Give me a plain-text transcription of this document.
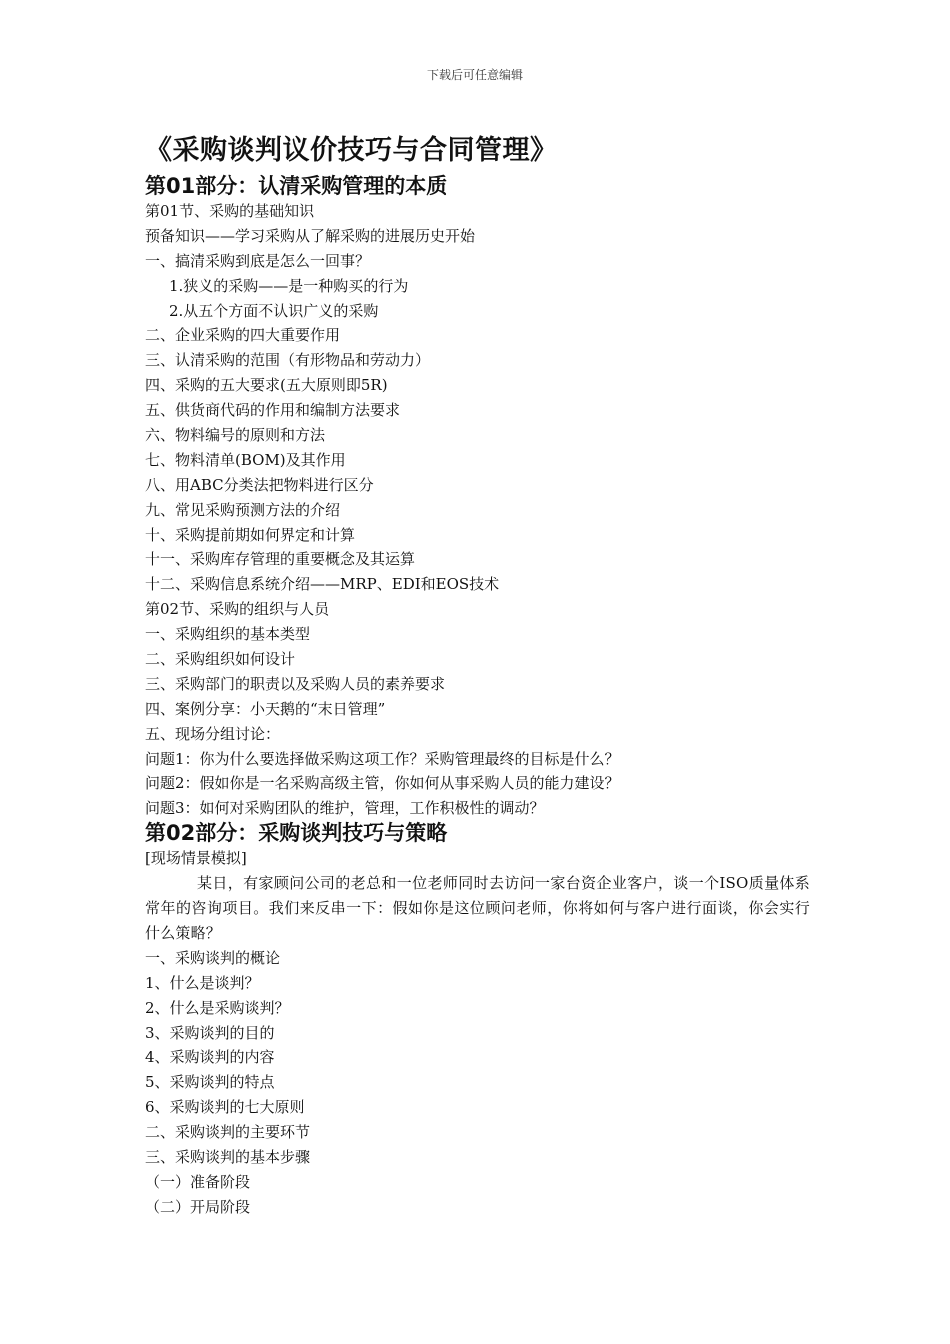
下载后可任意编辑
《采购谈判议价技巧与合同管理》
第01部分：认清采购管理的本质
第01节、采购的基础知识
预备知识——学习采购从了解采购的进展历史开始
一、搞清采购到底是怎么一回事？
1.狭义的采购——是一种购买的行为
2.从五个方面不认识广义的采购
二、企业采购的四大重要作用
三、认清采购的范围（有形物品和劳动力）
四、采购的五大要求(五大原则即5R)
五、供货商代码的作用和编制方法要求
六、物料编号的原则和方法
七、物料清单(BOM)及其作用
八、用ABC分类法把物料进行区分
九、常见采购预测方法的介绍
十、采购提前期如何界定和计算
十一、采购库存管理的重要概念及其运算
十二、采购信息系统介绍——MRP、EDI和EOS技术
第02节、采购的组织与人员
一、采购组织的基本类型
二、采购组织如何设计
三、采购部门的职责以及采购人员的素养要求
四、案例分享：小天鹅的“末日管理”
五、现场分组讨论：
问题1：你为什么要选择做采购这项工作？采购管理最终的目标是什么？
问题2：假如你是一名采购高级主管，你如何从事采购人员的能力建设？
问题3：如何对采购团队的维护，管理，工作积极性的调动？
第02部分：采购谈判技巧与策略
[现场情景模拟]
某日，有家顾问公司的老总和一位老师同时去访问一家台资企业客户，谈一个ISO质量体系常年的咨询项目。我们来反串一下：假如你是这位顾问老师，你将如何与客户进行面谈，你会实行什么策略？
一、采购谈判的概论
1、什么是谈判？
2、什么是采购谈判？
3、采购谈判的目的
4、采购谈判的内容
5、采购谈判的特点
6、采购谈判的七大原则
二、采购谈判的主要环节
三、采购谈判的基本步骤
（一）准备阶段
（二）开局阶段
